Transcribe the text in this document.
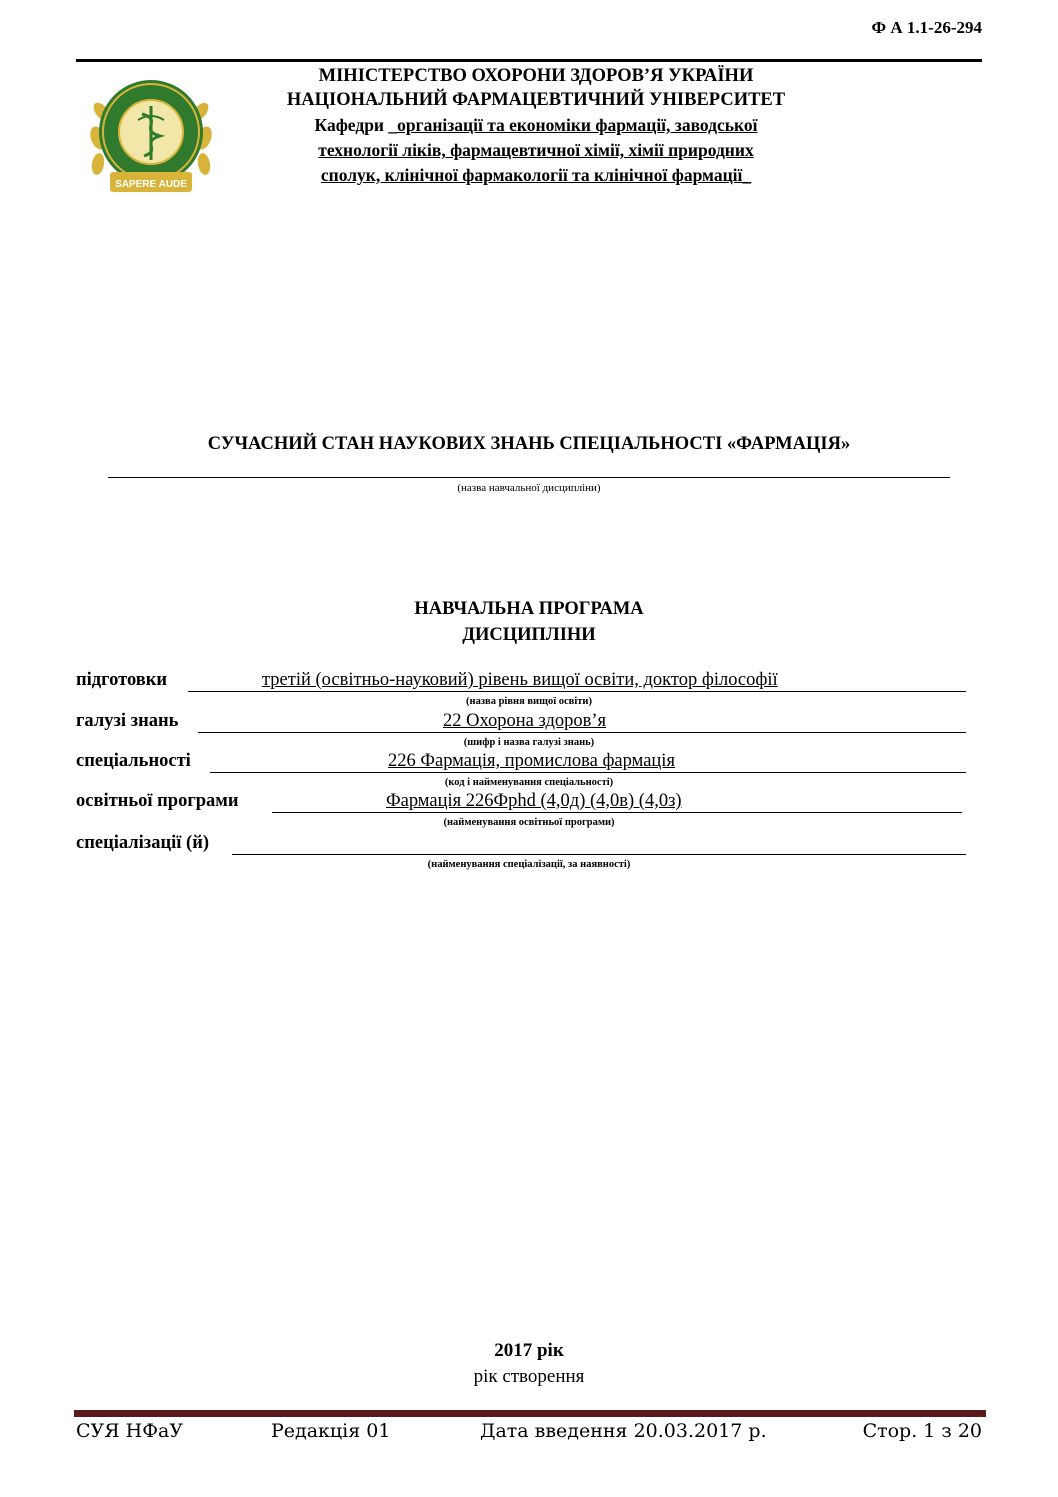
Ф А 1.1-26-294
SAPERE AUDE
МІНІСТЕРСТВО ОХОРОНИ ЗДОРОВ’Я УКРАЇНИ
НАЦІОНАЛЬНИЙ ФАРМАЦЕВТИЧНИЙ УНІВЕРСИТЕТ
Кафедри _організації та економіки фармації, заводської
технології ліків, фармацевтичної хімії, хімії природних
сполук, клінічної фармакології та клінічної фармації_
СУЧАСНИЙ СТАН НАУКОВИХ ЗНАНЬ СПЕЦІАЛЬНОСТІ «ФАРМАЦІЯ»
(назва навчальної дисципліни)
НАВЧАЛЬНА ПРОГРАМА
ДИСЦИПЛІНИ
підготовки	третій (освітньо-науковий) рівень вищої освіти, доктор філософії
(назва рівня вищої освіти)
галузі знань	22 Охорона здоров’я
(шифр і назва галузі знань)
спеціальності	226 Фармація, промислова фармація
(код і найменування спеціальності)
освітньої програми	Фармація 226Фphd (4,0д) (4,0в) (4,0з)
(найменування освітньої програми)
спеціалізації (й)
(найменування спеціалізації, за наявності)
2017 рік
рік створення
СУЯ НФаУ	Редакція 01	Дата введення 20.03.2017 р.	Стор. 1 з 20
